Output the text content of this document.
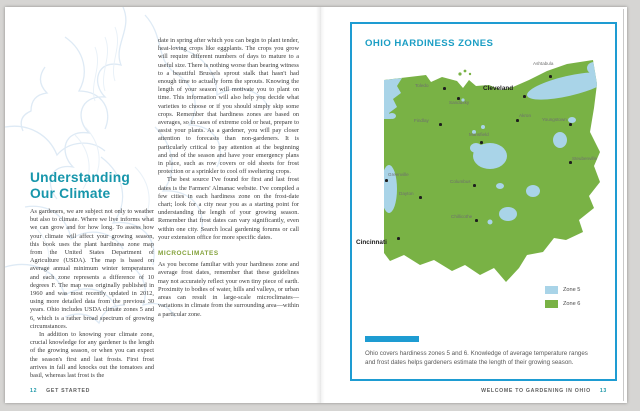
Understanding
Our Climate

As gardeners, we are subject not only to weather but also to climate. Where we live informs what we can grow and for how long. To assess how your climate will affect your growing season, this book uses the plant hardiness zone map from the United States Department of Agriculture (USDA). The map is based on average annual minimum winter temperatures and each zone represents a difference of 10 degrees F. The map was originally published in 1960 and was most recently updated in 2012, using more detailed data from the previous 30 years. Ohio includes USDA climate zones 5 and 6, which is a rather broad spectrum of growing circumstances.

In addition to knowing your climate zone, crucial knowledge for any gardener is the length of the growing season, or when you can expect the season's first and last frosts. First frost arrives in fall and knocks out the tomatoes and basil, whereas last frost is the

date in spring after which you can begin to plant tender, heat-loving crops like eggplants. The crops you grow will require different numbers of days to mature to a useful size. There is nothing worse than bearing witness to a beautiful Brussels sprout stalk that hasn't had enough time to actually form the sprouts. Knowing the length of your season will motivate you to plant on time. This information will also help you decide what varieties to choose or if you should simply skip some crops. Remember that hardiness zones are based on averages, so in cases of extreme cold or heat, prepare to assist your plants. As a gardener, you will pay closer attention to forecasts than non-gardeners. It is particularly critical to pay attention at the beginning and end of the season and have your emergency plans in place, such as row covers or old sheets for frost protection or a sprinkler to cool off sweltering crops.

The best source I've found for first and last frost dates is the Farmers' Almanac website. I've compiled a few cities in each hardiness zone on the frost-date chart; look for a city near you as a starting point for understanding the length of your growing season. Remember that frost dates can vary significantly, even within one city. Search local gardening forums or call your extension office for more specific dates.

MICROCLIMATES

As you become familiar with your hardiness zone and average frost dates, remember that these guidelines may not accurately reflect your own tiny piece of earth. Proximity to bodies of water, hills and valleys, or urban areas can result in large-scale microclimates—variations in climate from the surrounding area—within a particular zone.

12 GET STARTED
OHIO HARDINESS ZONES
Toledo
Sandusky
Cleveland
Ashtabula
Findlay
Akron
Youngstown
Mansfield
Steubenville
Greenville
Dayton
Columbus
Chillicothe
Cincinnati
Zone 5
Zone 6
Ohio covers hardiness zones 5 and 6. Knowledge of average temperature ranges and frost dates helps gardeners estimate the length of their growing season.
WELCOME TO GARDENING IN OHIO 13
